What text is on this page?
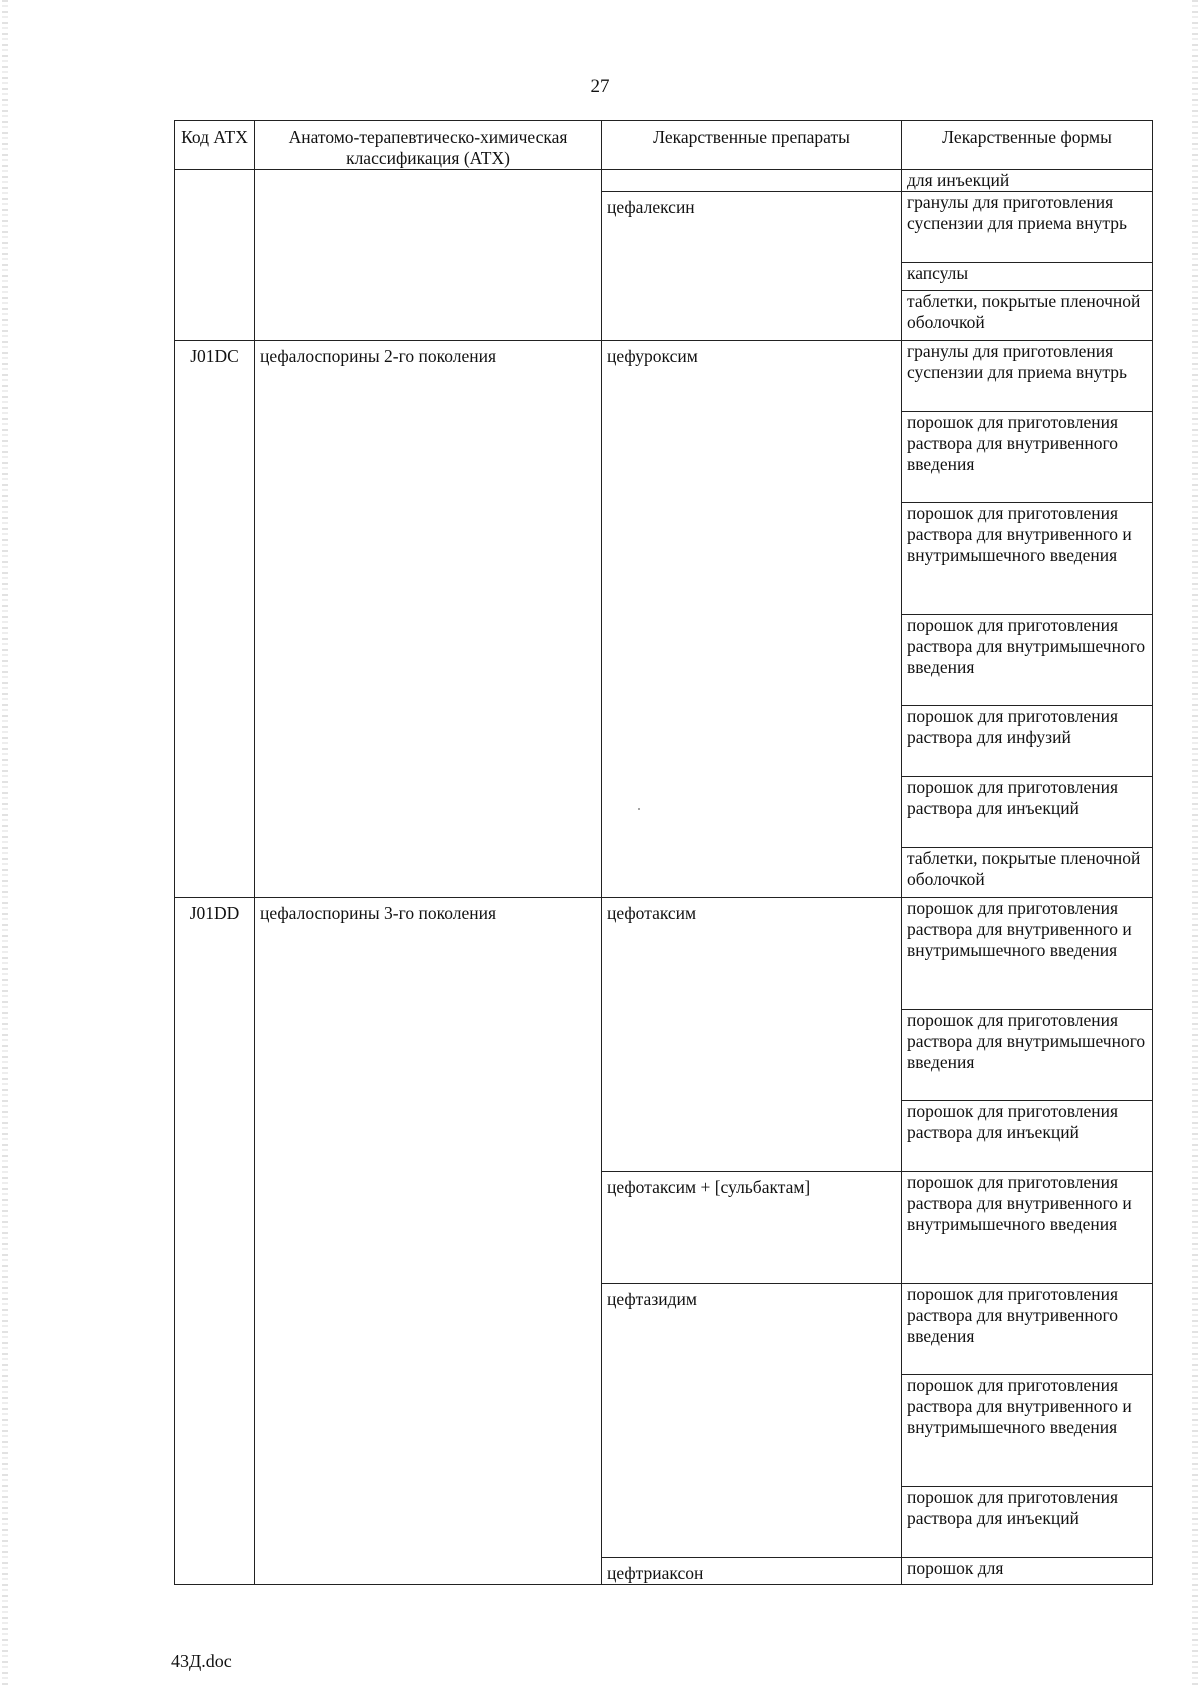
27
Код АТХ	Анатомо-терапевтическо-химическая классификация (АТХ)	Лекарственные препараты	Лекарственные формы
			для инъекций
		цефалексин	гранулы для приготовления суспензии для приема внутрь
			капсулы
			таблетки, покрытые пленочной оболочкой
J01DC	цефалоспорины 2-го поколения	цефуроксим	гранулы для приготовления суспензии для приема внутрь
			порошок для приготовления раствора для внутривенного введения
			порошок для приготовления раствора для внутривенного и внутримышечного введения
			порошок для приготовления раствора для внутримышечного введения
			порошок для приготовления раствора для инфузий
			порошок для приготовления раствора для инъекций
			таблетки, покрытые пленочной оболочкой
J01DD	цефалоспорины 3-го поколения	цефотаксим	порошок для приготовления раствора для внутривенного и внутримышечного введения
			порошок для приготовления раствора для внутримышечного введения
			порошок для приготовления раствора для инъекций
		цефотаксим + [сульбактам]	порошок для приготовления раствора для внутривенного и внутримышечного введения
		цефтазидим	порошок для приготовления раствора для внутривенного введения
			порошок для приготовления раствора для внутривенного и внутримышечного введения
			порошок для приготовления раствора для инъекций
		цефтриаксон	порошок для
43Д.doc
